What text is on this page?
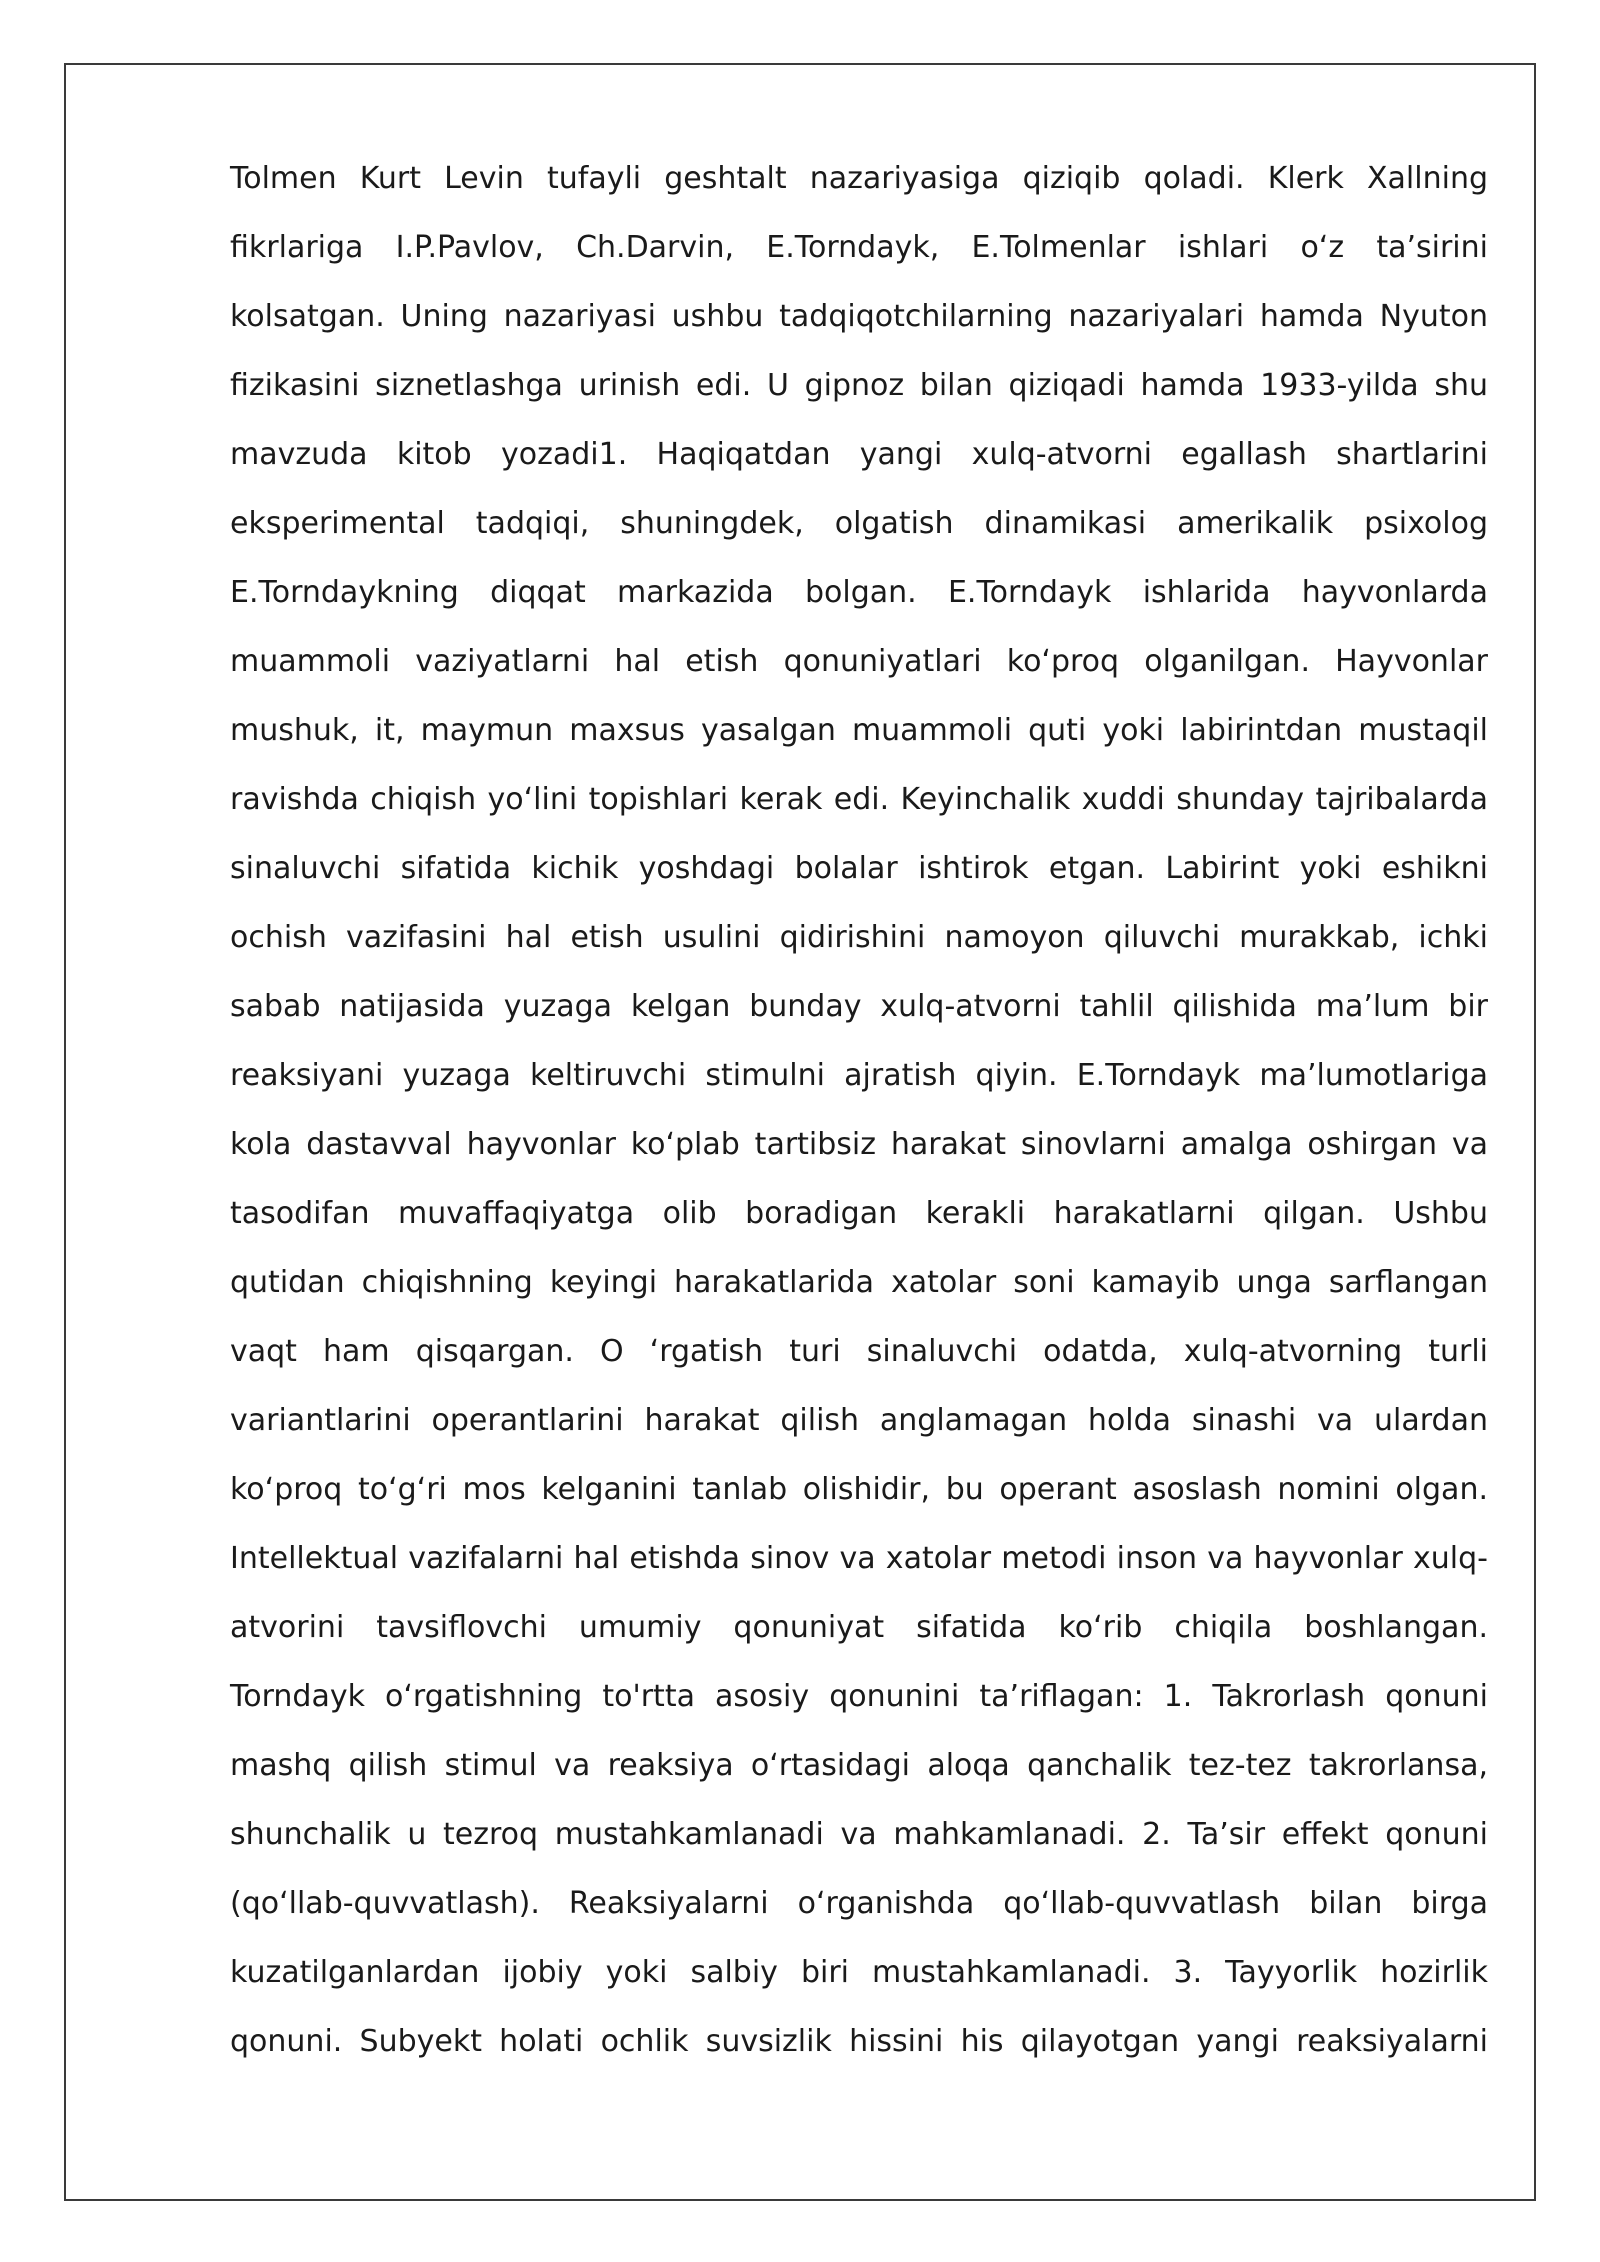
Tolmen Kurt Levin tufayli geshtalt nazariyasiga qiziqib qoladi. Klerk Xallning

fikrlariga I.P.Pavlov, Ch.Darvin, E.Torndayk, E.Tolmenlar ishlari oʻz taʼsirini

kolsatgan. Uning nazariyasi ushbu tadqiqotchilarning nazariyalari hamda Nyuton

fizikasini siznetlashga urinish edi. U gipnoz bilan qiziqadi hamda 1933-yilda shu

mavzuda kitob yozadi1. Haqiqatdan yangi xulq-atvorni egallash shartlarini

eksperimental tadqiqi, shuningdek, olgatish dinamikasi amerikalik psixolog

E.Torndaykning diqqat markazida bolgan. E.Torndayk ishlarida hayvonlarda

muammoli vaziyatlarni hal etish qonuniyatlari koʻproq olganilgan. Hayvonlar

mushuk, it, maymun maxsus yasalgan muammoli quti yoki labirintdan mustaqil

ravishda chiqish yoʻlini topishlari kerak edi. Keyinchalik xuddi shunday tajribalarda

sinaluvchi sifatida kichik yoshdagi bolalar ishtirok etgan. Labirint yoki eshikni

ochish vazifasini hal etish usulini qidirishini namoyon qiluvchi murakkab, ichki

sabab natijasida yuzaga kelgan bunday xulq-atvorni tahlil qilishida maʼlum bir

reaksiyani yuzaga keltiruvchi stimulni ajratish qiyin. E.Torndayk maʼlumotlariga

kola dastavval hayvonlar koʻplab tartibsiz harakat sinovlarni amalga oshirgan va

tasodifan muvaffaqiyatga olib boradigan kerakli harakatlarni qilgan. Ushbu

qutidan chiqishning keyingi harakatlarida xatolar soni kamayib unga sarflangan

vaqt ham qisqargan. O ʻrgatish turi sinaluvchi odatda, xulq-atvorning turli

variantlarini operantlarini harakat qilish anglamagan holda sinashi va ulardan

koʻproq toʻgʻri mos kelganini tanlab olishidir, bu operant asoslash nomini olgan.

Intellektual vazifalarni hal etishda sinov va xatolar metodi inson va hayvonlar xulq-

atvorini tavsiflovchi umumiy qonuniyat sifatida koʻrib chiqila boshlangan.

Torndayk oʻrgatishning to'rtta asosiy qonunini taʼriflagan: 1. Takrorlash qonuni

mashq qilish stimul va reaksiya oʻrtasidagi aloqa qanchalik tez-tez takrorlansa,

shunchalik u tezroq mustahkamlanadi va mahkamlanadi. 2. Taʼsir effekt qonuni

(qoʻllab-quvvatlash). Reaksiyalarni oʻrganishda qoʻllab-quvvatlash bilan birga

kuzatilganlardan ijobiy yoki salbiy biri mustahkamlanadi. 3. Tayyorlik hozirlik

qonuni. Subyekt holati ochlik suvsizlik hissini his qilayotgan yangi reaksiyalarni
